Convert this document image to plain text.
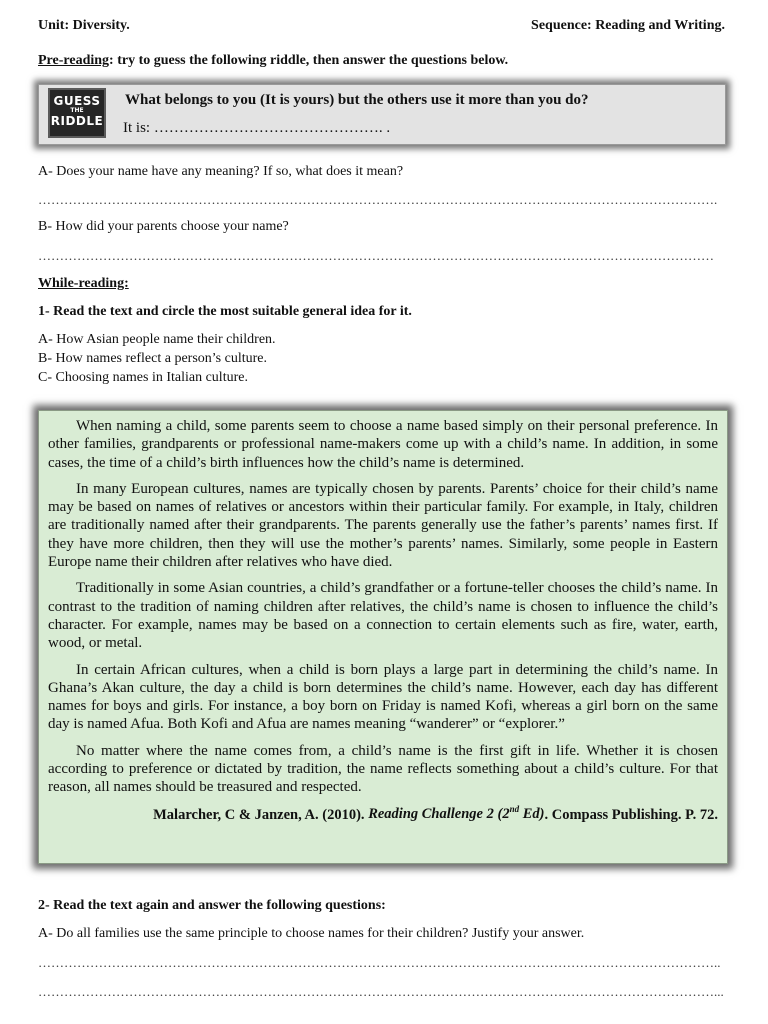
Unit: Diversity.	Sequence: Reading and Writing.
Pre-reading: try to guess the following riddle, then answer the questions below.
GUESS
THE
RIDDLE
What belongs to you (It is yours) but the others use it more than you do?
It is: ………………………………………. .
A- Does your name have any meaning? If so, what does it mean?
………………………………………………………………………………………………………………………………………….
B- How did your parents choose your name?
…………………………………………………………………………………………………………………………………………
While-reading:
1- Read the text and circle the most suitable general idea for it.
A- How Asian people name their children.
B- How names reflect a person’s culture.
C- Choosing names in Italian culture.

When naming a child, some parents seem to choose a name based simply on their personal preference. In other families, grandparents or professional name-makers come up with a child’s name. In addition, in some cases, the time of a child’s birth influences how the child’s name is determined.

In many European cultures, names are typically chosen by parents. Parents’ choice for their child’s name may be based on names of relatives or ancestors within their particular family. For example, in Italy, children are traditionally named after their grandparents. The parents generally use the father’s parents’ names first. If they have more children, then they will use the mother’s parents’ names. Similarly, some people in Eastern Europe name their children after relatives who have died.

Traditionally in some Asian countries, a child’s grandfather or a fortune-teller chooses the child’s name. In contrast to the tradition of naming children after relatives, the child’s name is chosen to influence the child’s character. For example, names may be based on a connection to certain elements such as fire, water, earth, wood, or metal.

In certain African cultures, when a child is born plays a large part in determining the child’s name. In Ghana’s Akan culture, the day a child is born determines the child’s name. However, each day has different names for boys and girls. For instance, a boy born on Friday is named Kofi, whereas a girl born on the same day is named Afua. Both Kofi and Afua are names meaning “wanderer” or “explorer.”

No matter where the name comes from, a child’s name is the first gift in life. Whether it is chosen according to preference or dictated by tradition, the name reflects something about a child’s culture. For that reason, all names should be treasured and respected.

Malarcher, C & Janzen, A. (2010). Reading Challenge 2 (2nd Ed). Compass Publishing. P. 72.
2- Read the text again and answer the following questions:
A- Do all families use the same principle to choose names for their children? Justify your answer.
…………………………………………………………………………………………………………………………………………..
…………………………………………………………………………………………………………………………………………...
